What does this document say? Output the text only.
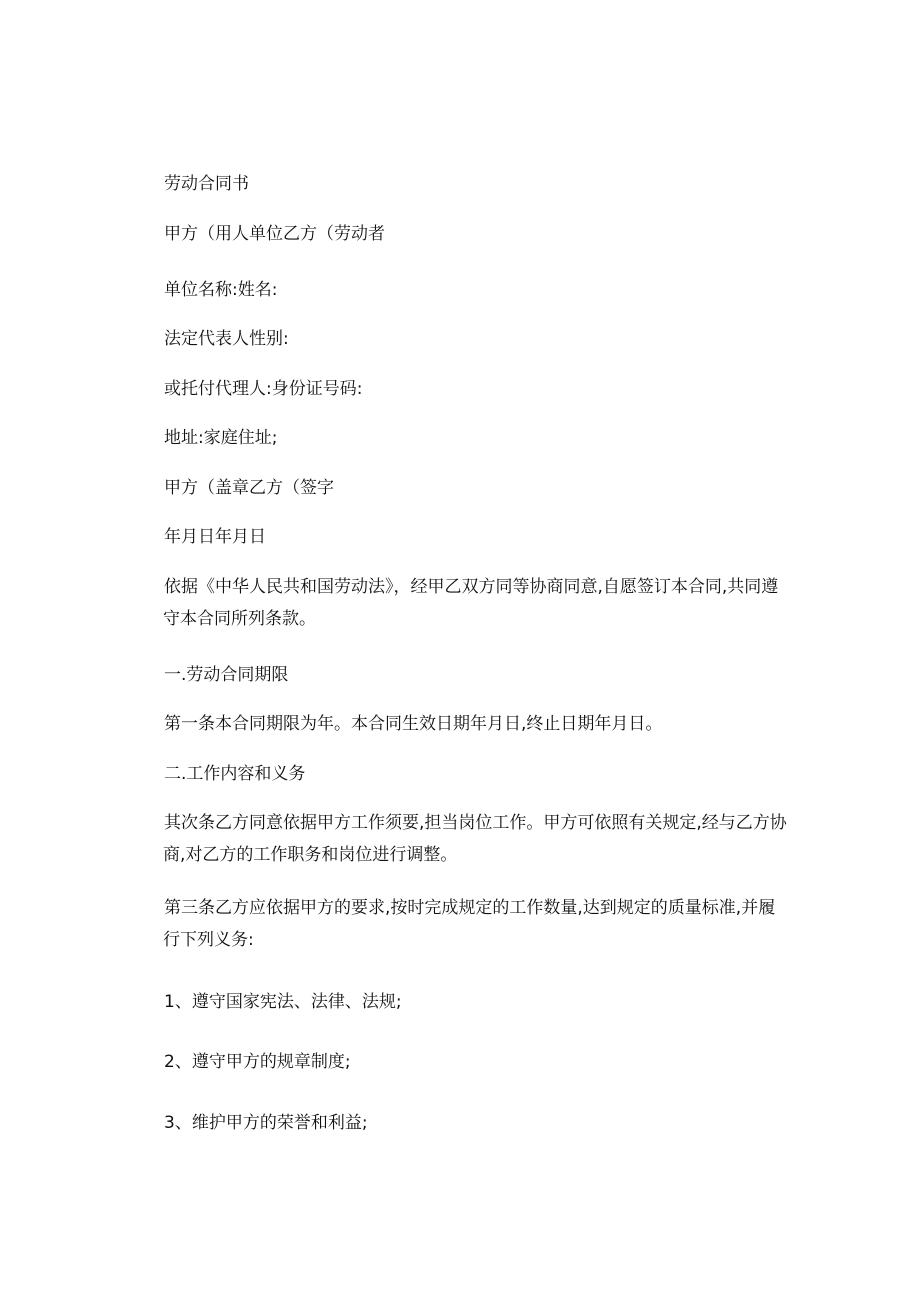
劳动合同书

甲方（用人单位乙方（劳动者

单位名称:姓名:

法定代表人性别:

或托付代理人:身份证号码:

地址:家庭住址;

甲方（盖章乙方（签字

年月日年月日

依据《中华人民共和国劳动法》，经甲乙双方同等协商同意,自愿签订本合同,共同遵
守本合同所列条款。

一.劳动合同期限

第一条本合同期限为年。本合同生效日期年月日,终止日期年月日。

二.工作内容和义务

其次条乙方同意依据甲方工作须要,担当岗位工作。甲方可依照有关规定,经与乙方协
商,对乙方的工作职务和岗位进行调整。
第三条乙方应依据甲方的要求,按时完成规定的工作数量,达到规定的质量标准,并履
行下列义务:

1、遵守国家宪法、法律、法规;

2、遵守甲方的规章制度;

3、维护甲方的荣誉和利益;
